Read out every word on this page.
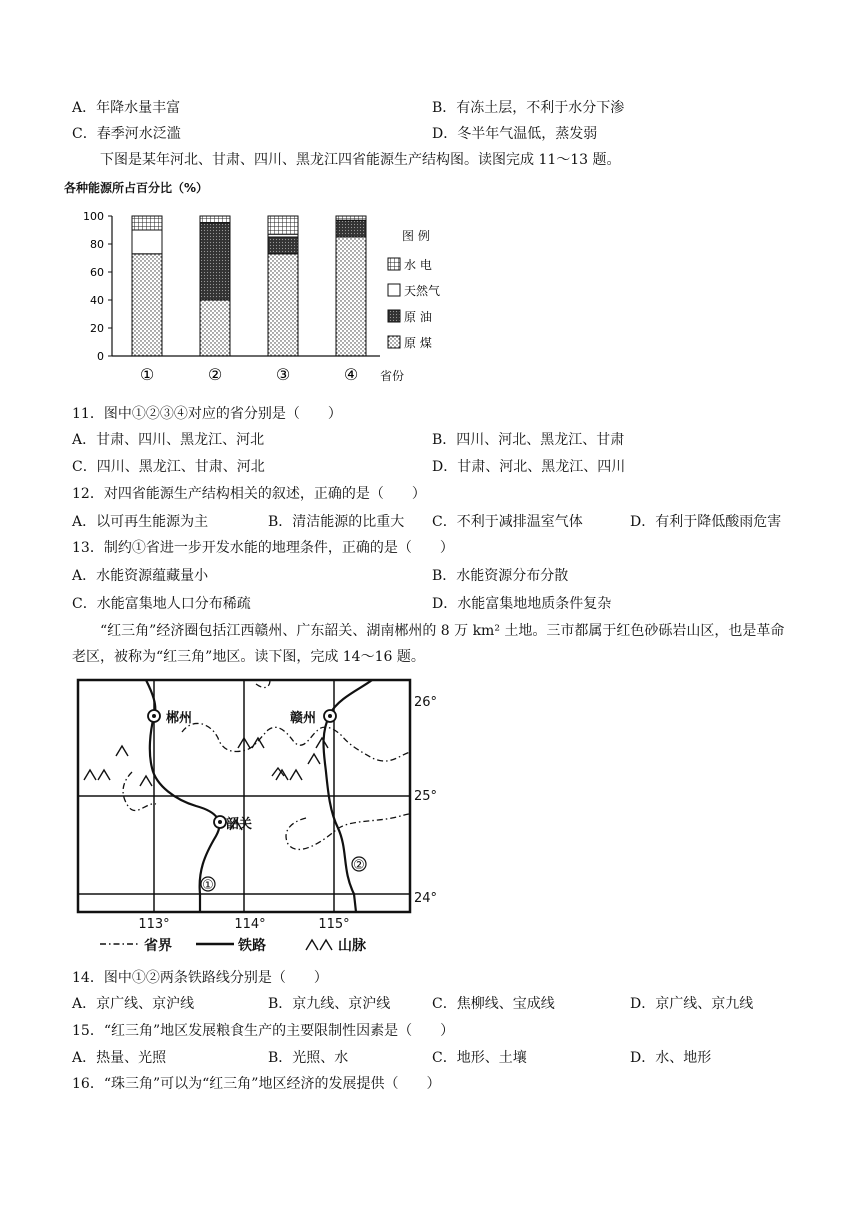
A．年降水量丰富	B．有冻土层，不利于水分下渗
C．春季河水泛滥	D．冬半年气温低，蒸发弱
下图是某年河北、甘肃、四川、黑龙江四省能源生产结构图。读图完成 11～13 题。
各种能源所占百分比（%）
100
80
60
40
20
0
①	②	③	④ 省份
图 例
水 电
天然气
原 油
原 煤
11．图中①②③④对应的省分别是（　　）
A．甘肃、四川、黑龙江、河北	B．四川、河北、黑龙江、甘肃
C．四川、黑龙江、甘肃、河北	D．甘肃、河北、黑龙江、四川
12．对四省能源生产结构相关的叙述，正确的是（　　）
A．以可再生能源为主	B．清洁能源的比重大 C．不利于减排温室气体	D．有利于降低酸雨危害
13．制约①省进一步开发水能的地理条件，正确的是（　　）
A．水能资源蕴藏量小	B．水能资源分布分散
C．水能富集地人口分布稀疏	D．水能富集地地质条件复杂
“红三角”经济圈包括江西赣州、广东韶关、湖南郴州的 8 万 km² 土地。三市都属于红色砂砾岩山区，也是革命老区，被称为“红三角”地区。读下图，完成 14～16 题。
郴州	赣州
韶关
①
②
26°
25°
24°
113°	114°	115°
省界	铁路	山脉
14．图中①②两条铁路线分别是（　　）
A．京广线、京沪线	B．京九线、京沪线	C．焦柳线、宝成线	D．京广线、京九线
15．“红三角”地区发展粮食生产的主要限制性因素是（　　）
A．热量、光照	B．光照、水	C．地形、土壤	D．水、地形
16．“珠三角”可以为“红三角”地区经济的发展提供（　　）
